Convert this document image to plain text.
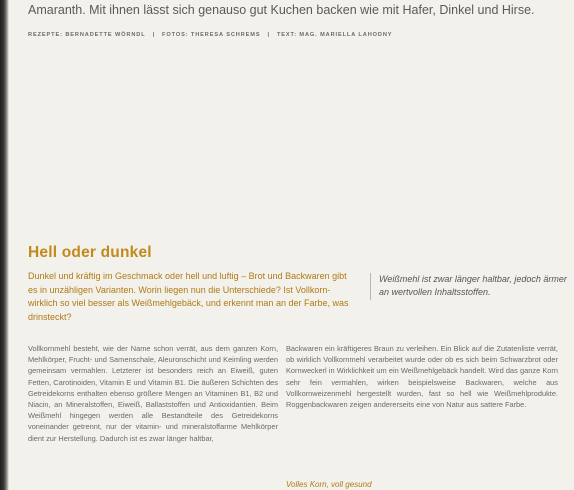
Amaranth. Mit ihnen lässt sich genauso gut Kuchen backen wie mit Hafer, Dinkel und Hirse.
REZEPTE: BERNADETTE WÖRNDL | FOTOS: THERESA SCHREMS | TEXT: MAG. MARIELLA LAHODNY
Hell oder dunkel
Dunkel und kräftig im Geschmack oder hell und luftig – Brot und Backwaren gibt es in unzähligen Varianten. Worin liegen nun die Unterschiede? Ist Vollkorn- wirklich so viel besser als Weißmehlgebäck, und erkennt man an der Farbe, was drinsteckt?
Weißmehl ist zwar länger haltbar, jedoch ärmer an wertvollen Inhaltsstoffen.
Vollkornmehl besteht, wie der Name schon verrät, aus dem ganzen Korn, Mehlkörper, Frucht- und Samenschale, Aleuronschicht und Keimling werden gemeinsam vermahlen. Letzterer ist besonders reich an Eiweiß, guten Fetten, Carotinoiden, Vitamin E und Vitamin B1. Die äußeren Schichten des Getreidekorns enthalten ebenso größere Mengen an Vitaminen B1, B2 und Niacin, an Mineralstoffen, Eiweiß, Ballaststoffen und Antioxidantien. Beim Weißmehl hingegen werden alle Bestandteile des Getreidekorns voneinander getrennt, nur der vitamin- und mineralstoffarme Mehlkörper dient zur Herstellung. Dadurch ist es zwar länger haltbar,
Backwaren ein kräftigeres Braun zu verleihen. Ein Blick auf die Zutatenliste verrät, ob wirklich Vollkornmehl verarbeitet wurde oder ob es sich beim Schwarzbrot oder Kornweckerl in Wirklichkeit um ein Weißmehlgebäck handelt. Wird das ganze Korn sehr fein vermahlen, wirken beispielsweise Backwaren, welche aus Vollkornweizenmehl hergestellt wurden, fast so hell wie Weißmehlprodukte. Roggenbackwaren zeigen andererseits eine von Natur aus sattere Farbe.
Volles Korn, voll gesund
